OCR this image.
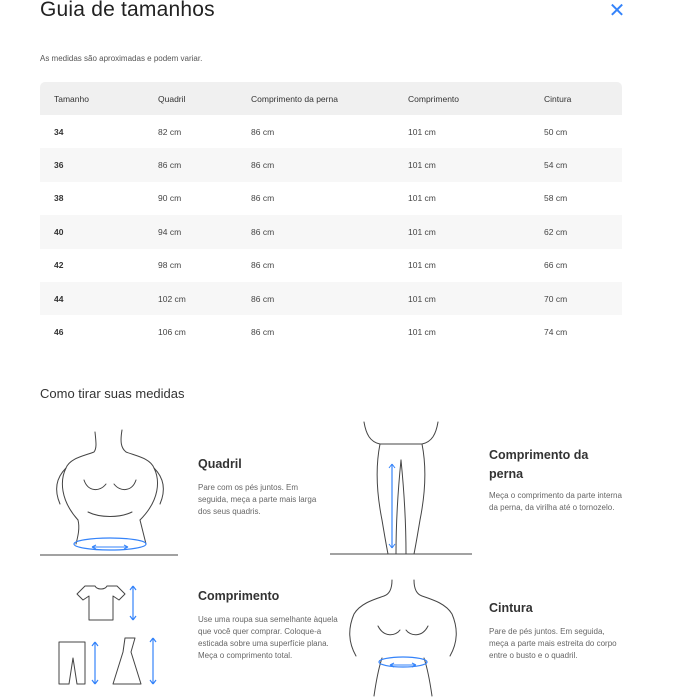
Guia de tamanhos	✕

As medidas são aproximadas e podem variar.

Tamanho	Quadril	Comprimento da perna	Comprimento	Cintura
34	82 cm	86 cm	101 cm	50 cm
36	86 cm	86 cm	101 cm	54 cm
38	90 cm	86 cm	101 cm	58 cm
40	94 cm	86 cm	101 cm	62 cm
42	98 cm	86 cm	101 cm	66 cm
44	102 cm	86 cm	101 cm	70 cm
46	106 cm	86 cm	101 cm	74 cm
Como tirar suas medidas
Quadril
Pare com os pés juntos. Em seguida, meça a parte mais larga dos seus quadris.
Comprimento da perna
Meça o comprimento da parte interna da perna, da virilha até o tornozelo.
Comprimento
Use uma roupa sua semelhante àquela que você quer comprar. Coloque-a esticada sobre uma superfície plana. Meça o comprimento total.
Cintura
Pare de pés juntos. Em seguida, meça a parte mais estreita do corpo entre o busto e o quadril.
